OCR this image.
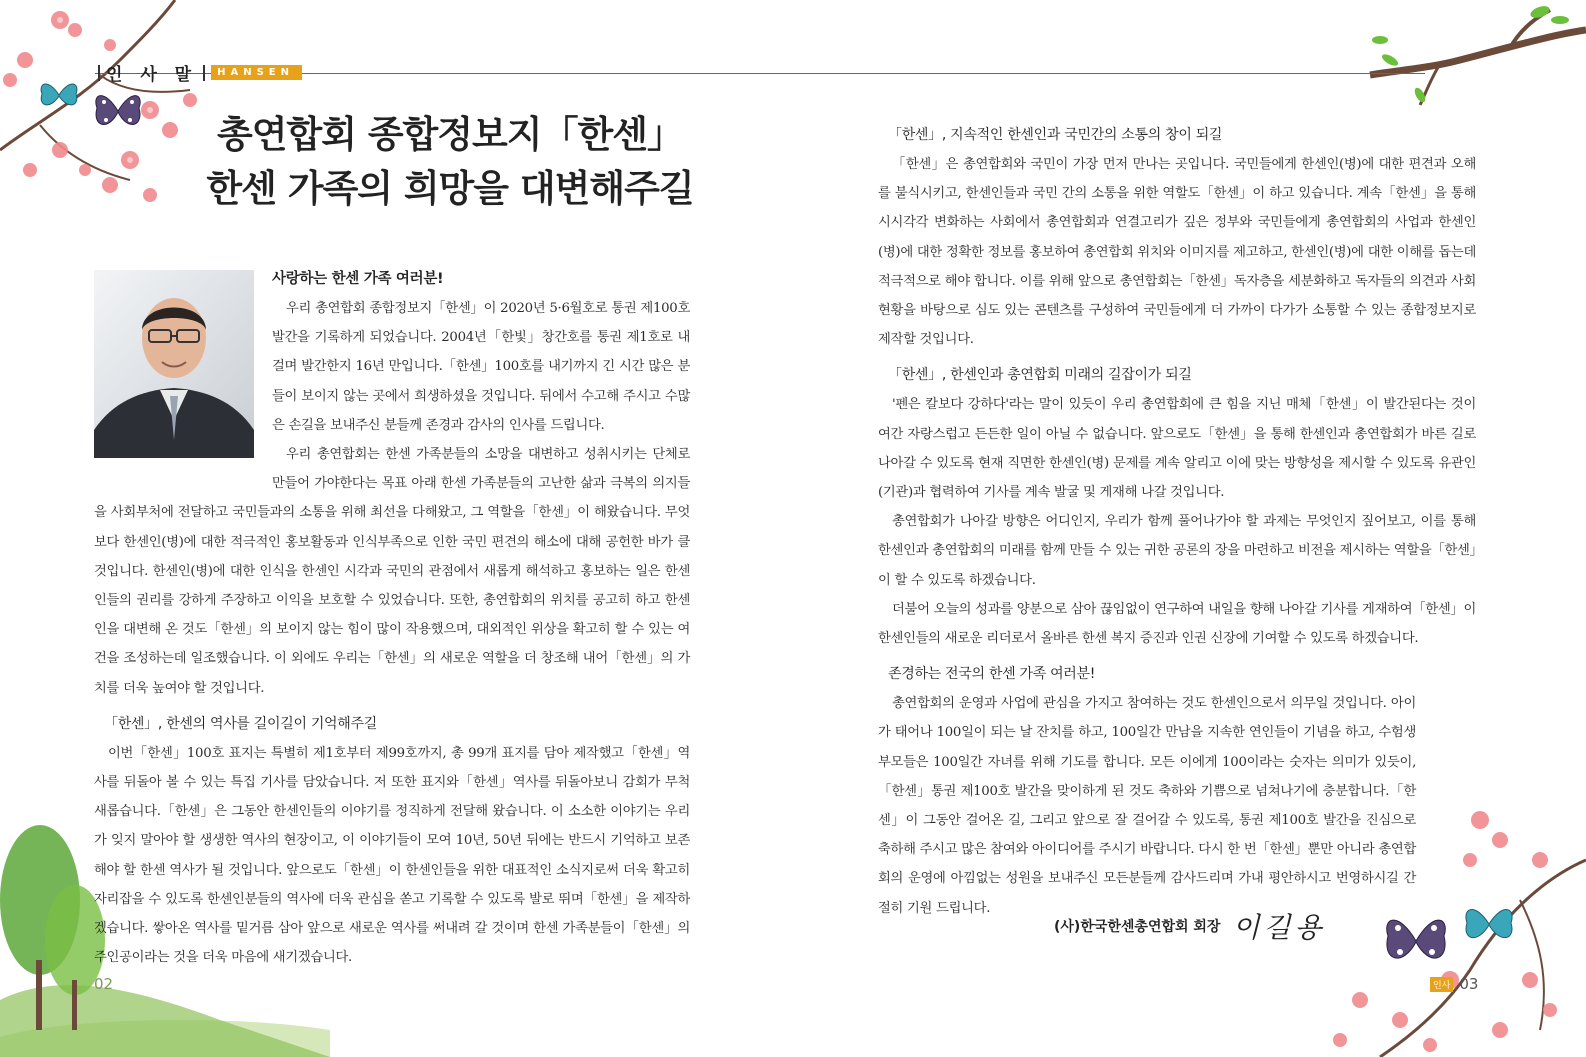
인 사 말	HANSEN
총연합회 종합정보지「한센」
한센 가족의 희망을 대변해주길

사랑하는 한센 가족 여러분!

우리 총연합회 종합정보지「한센」이 2020년 5·6월호로 통권 제100호 발간을 기록하게 되었습니다. 2004년「한빛」창간호를 통권 제1호로 내걸며 발간한지 16년 만입니다.「한센」100호를 내기까지 긴 시간 많은 분들이 보이지 않는 곳에서 희생하셨을 것입니다. 뒤에서 수고해 주시고 수많은 손길을 보내주신 분들께 존경과 감사의 인사를 드립니다.

우리 총연합회는 한센 가족분들의 소망을 대변하고 성취시키는 단체로 만들어 가야한다는 목표 아래 한센 가족분들의 고난한 삶과 극복의 의지들을 사회부처에 전달하고 국민들과의 소통을 위해 최선을 다해왔고, 그 역할을「한센」이 해왔습니다. 무엇보다 한센인(병)에 대한 적극적인 홍보활동과 인식부족으로 인한 국민 편견의 해소에 대해 공헌한 바가 클 것입니다. 한센인(병)에 대한 인식을 한센인 시각과 국민의 관점에서 새롭게 해석하고 홍보하는 일은 한센인들의 권리를 강하게 주장하고 이익을 보호할 수 있었습니다. 또한, 총연합회의 위치를 공고히 하고 한센인을 대변해 온 것도「한센」의 보이지 않는 힘이 많이 작용했으며, 대외적인 위상을 확고히 할 수 있는 여건을 조성하는데 일조했습니다. 이 외에도 우리는「한센」의 새로운 역할을 더 창조해 내어「한센」의 가치를 더욱 높여야 할 것입니다.

「한센」, 한센의 역사를 길이길이 기억해주길

이번「한센」100호 표지는 특별히 제1호부터 제99호까지, 총 99개 표지를 담아 제작했고「한센」역사를 뒤돌아 볼 수 있는 특집 기사를 담았습니다. 저 또한 표지와「한센」역사를 뒤돌아보니 감회가 무척 새롭습니다.「한센」은 그동안 한센인들의 이야기를 정직하게 전달해 왔습니다. 이 소소한 이야기는 우리가 잊지 말아야 할 생생한 역사의 현장이고, 이 이야기들이 모여 10년, 50년 뒤에는 반드시 기억하고 보존해야 할 한센 역사가 될 것입니다. 앞으로도「한센」이 한센인들을 위한 대표적인 소식지로써 더욱 확고히 자리잡을 수 있도록 한센인분들의 역사에 더욱 관심을 쏟고 기록할 수 있도록 발로 뛰며「한센」을 제작하겠습니다. 쌓아온 역사를 밑거름 삼아 앞으로 새로운 역사를 써내려 갈 것이며 한센 가족분들이「한센」의 주인공이라는 것을 더욱 마음에 새기겠습니다.

「한센」, 지속적인 한센인과 국민간의 소통의 창이 되길

「한센」은 총연합회와 국민이 가장 먼저 만나는 곳입니다. 국민들에게 한센인(병)에 대한 편견과 오해를 불식시키고, 한센인들과 국민 간의 소통을 위한 역할도「한센」이 하고 있습니다. 계속「한센」을 통해 시시각각 변화하는 사회에서 총연합회과 연결고리가 깊은 정부와 국민들에게 총연합회의 사업과 한센인(병)에 대한 정확한 정보를 홍보하여 총연합회 위치와 이미지를 제고하고, 한센인(병)에 대한 이해를 돕는데 적극적으로 해야 합니다. 이를 위해 앞으로 총연합회는「한센」독자층을 세분화하고 독자들의 의견과 사회 현황을 바탕으로 심도 있는 콘텐츠를 구성하여 국민들에게 더 가까이 다가가 소통할 수 있는 종합정보지로 제작할 것입니다.

「한센」, 한센인과 총연합회 미래의 길잡이가 되길

'펜은 칼보다 강하다'라는 말이 있듯이 우리 총연합회에 큰 힘을 지닌 매체「한센」이 발간된다는 것이 여간 자랑스럽고 든든한 일이 아닐 수 없습니다. 앞으로도「한센」을 통해 한센인과 총연합회가 바른 길로 나아갈 수 있도록 현재 직면한 한센인(병) 문제를 계속 알리고 이에 맞는 방향성을 제시할 수 있도록 유관인(기관)과 협력하여 기사를 계속 발굴 및 게재해 나갈 것입니다.

총연합회가 나아갈 방향은 어디인지, 우리가 함께 풀어나가야 할 과제는 무엇인지 짚어보고, 이를 통해 한센인과 총연합회의 미래를 함께 만들 수 있는 귀한 공론의 장을 마련하고 비전을 제시하는 역할을「한센」이 할 수 있도록 하겠습니다.

더불어 오늘의 성과를 양분으로 삼아 끊임없이 연구하여 내일을 향해 나아갈 기사를 게재하여「한센」이 한센인들의 새로운 리더로서 올바른 한센 복지 증진과 인권 신장에 기여할 수 있도록 하겠습니다.

존경하는 전국의 한센 가족 여러분!

총연합회의 운영과 사업에 관심을 가지고 참여하는 것도 한센인으로서 의무일 것입니다. 아이가 태어나 100일이 되는 날 잔치를 하고, 100일간 만남을 지속한 연인들이 기념을 하고, 수험생 부모들은 100일간 자녀를 위해 기도를 합니다. 모든 이에게 100이라는 숫자는 의미가 있듯이,「한센」통권 제100호 발간을 맞이하게 된 것도 축하와 기쁨으로 넘쳐나기에 충분합니다.「한센」이 그동안 걸어온 길, 그리고 앞으로 잘 걸어갈 수 있도록, 통권 제100호 발간을 진심으로 축하해 주시고 많은 참여와 아이디어를 주시기 바랍니다. 다시 한 번「한센」뿐만 아니라 총연합회의 운영에 아낌없는 성원을 보내주신 모든분들께 감사드리며 가내 평안하시고 번영하시길 간절히 기원 드립니다.

(사)한국한센총연합회 회장 이길용
02	인사 03
